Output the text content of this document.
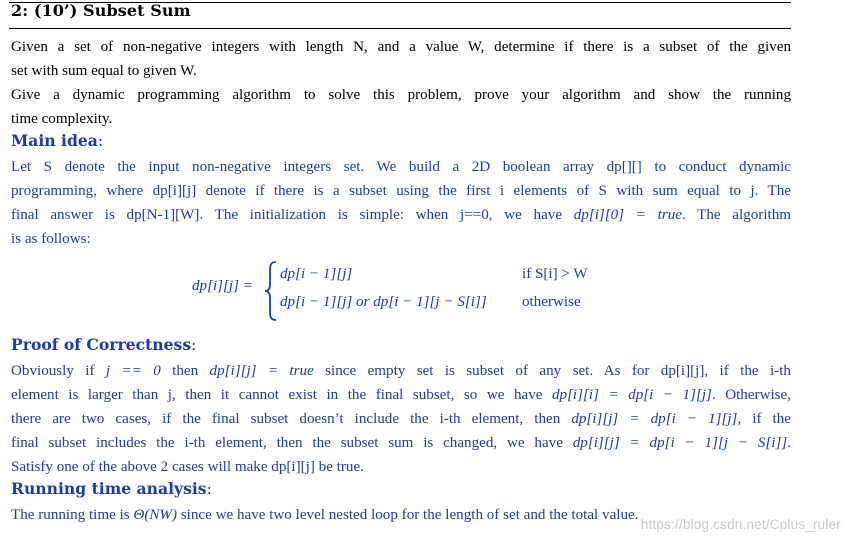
2: (10’) Subset Sum
Given a set of non-negative integers with length N, and a value W, determine if there is a subset of the given
set with sum equal to given W.
Give a dynamic programming algorithm to solve this problem, prove your algorithm and show the running
time complexity.
Main idea:
Let S denote the input non-negative integers set. We build a 2D boolean array dp[][] to conduct dynamic
programming, where dp[i][j] denote if there is a subset using the first i elements of S with sum equal to j. The
final answer is dp[N-1][W]. The initialization is simple: when j==0, we have dp[i][0] = true. The algorithm
is as follows:
dp[i][j] =
dp[i − 1][j]
dp[i − 1][j] or dp[i − 1][j − S[i]]
if S[i] > W
otherwise
Proof of Correctness:
Obviously if j == 0 then dp[i][j] = true since empty set is subset of any set. As for dp[i][j], if the i-th
element is larger than j, then it cannot exist in the final subset, so we have dp[i][i] = dp[i − 1][j]. Otherwise,
there are two cases, if the final subset doesn’t include the i-th element, then dp[i][j] = dp[i − 1][j], if the
final subset includes the i-th element, then the subset sum is changed, we have dp[i][j] = dp[i − 1][j − S[i]].
Satisfy one of the above 2 cases will make dp[i][j] be true.
Running time analysis:
The running time is Θ(NW) since we have two level nested loop for the length of set and the total value.
https://blog.csdn.net/Cplus_ruler
